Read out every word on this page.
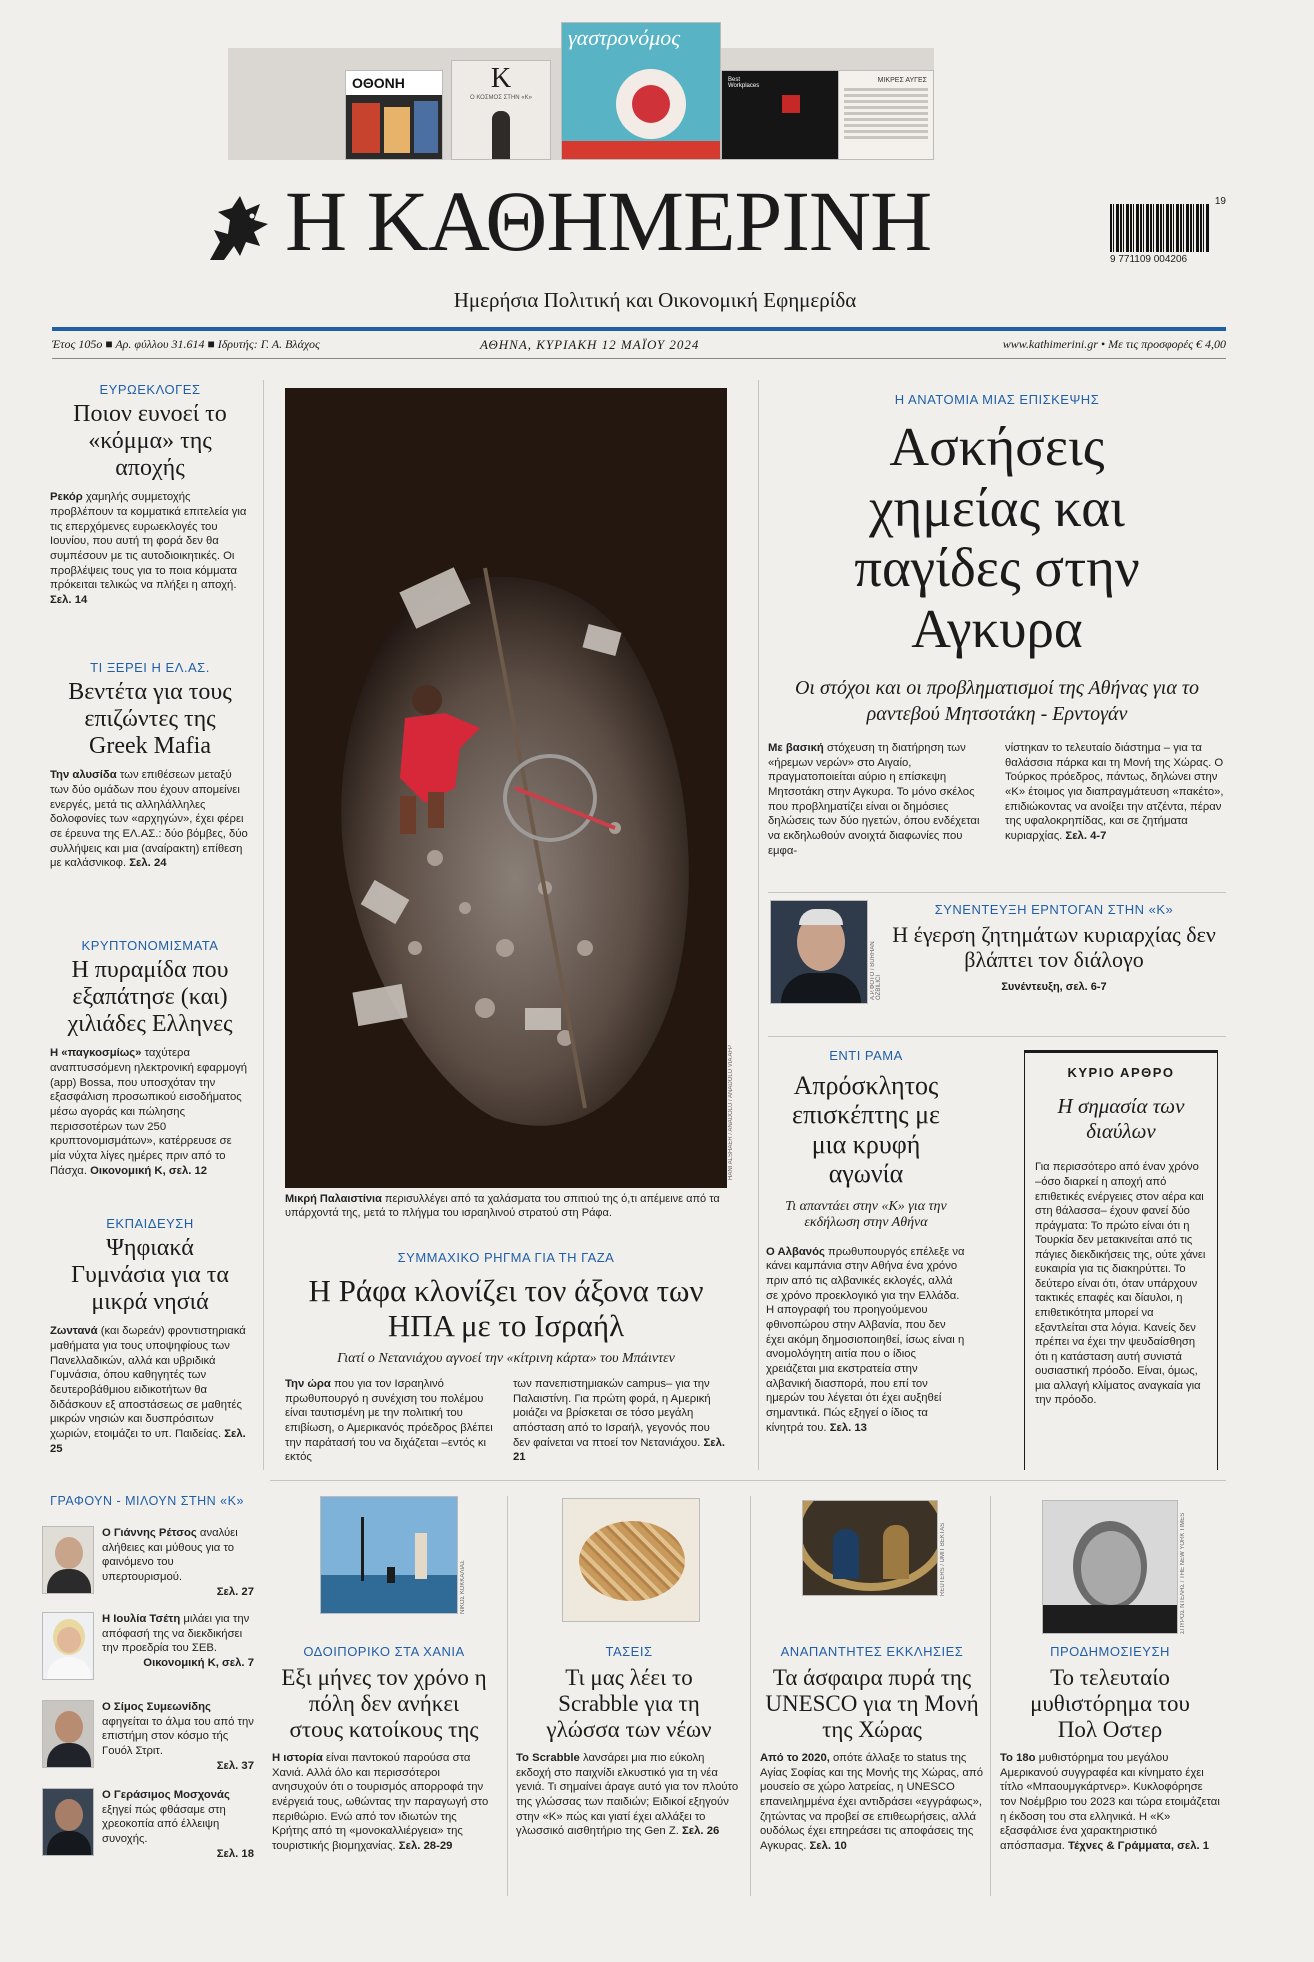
ΟΘΟΝΗ	K
Ο ΚΟΣΜΟΣ ΣΤΗΝ «Κ»
γαστρονόμος
Best Workplaces
ΜΙΚΡΕΣ ΑΥΓΕΣ
Η ΚΑΘΗΜΕΡΙΝΗ
Ημερήσια Πολιτική και Οικονομική Εφημερίδα
19
9 771109 004206
Έτος 105ο ■ Αρ. φύλλου 31.614 ■ Ιδρυτής: Γ. Α. Βλάχος	ΑΘΗΝΑ, ΚΥΡΙΑΚΗ 12 ΜΑΪΟΥ 2024	www.kathimerini.gr • Με τις προσφορές € 4,00
ΕΥΡΩΕΚΛΟΓΕΣ
Ποιον ευνοεί το «κόμμα» της αποχής
Ρεκόρ χαμηλής συμμετοχής προβλέπουν τα κομματικά επιτελεία για τις επερχόμενες ευρωεκλογές του Ιουνίου, που αυτή τη φορά δεν θα συμπέσουν με τις αυτοδιοικητικές. Οι προβλέψεις τους για το ποια κόμματα πρόκειται τελικώς να πλήξει η αποχή. Σελ. 14
ΤΙ ΞΕΡΕΙ Η ΕΛ.ΑΣ.
Βεντέτα για τους επιζώντες της Greek Mafia
Την αλυσίδα των επιθέσεων μεταξύ των δύο ομάδων που έχουν απομείνει ενεργές, μετά τις αλληλάλληλες δολοφονίες των «αρχηγών», έχει φέρει σε έρευνα της ΕΛ.ΑΣ.: δύο βόμβες, δύο συλλήψεις και μια (αναίρακτη) επίθεση με καλάσνικοφ. Σελ. 24
ΚΡΥΠΤΟΝΟΜΙΣΜΑΤΑ
Η πυραμίδα που εξαπάτησε (και) χιλιάδες Ελληνες
Η «παγκοσμίως» ταχύτερα αναπτυσσόμενη ηλεκτρονική εφαρμογή (app) Bossa, που υποσχόταν την εξασφάλιση προσωπικού εισοδήματος μέσω αγοράς και πώλησης περισσοτέρων των 250 κρυπτονομισμάτων», κατέρρευσε σε μία νύχτα λίγες ημέρες πριν από το Πάσχα. Οικονομική Κ, σελ. 12
ΕΚΠΑΙΔΕΥΣΗ
Ψηφιακά Γυμνάσια για τα μικρά νησιά
Ζωντανά (και δωρεάν) φροντιστηριακά μαθήματα για τους υποψηφίους των Πανελλαδικών, αλλά και υβριδικά Γυμνάσια, όπου καθηγητές των δευτεροβάθμιου ειδικοτήτων θα διδάσκουν εξ αποστάσεως σε μαθητές μικρών νησιών και δυσπρόσιτων χωριών, ετοιμάζει το υπ. Παιδείας. Σελ. 25
ΓΡΑΦΟΥΝ - ΜΙΛΟΥΝ ΣΤΗΝ «Κ»
Ο Γιάννης Ρέτσος αναλύει αλήθειες και μύθους για το φαινόμενο του υπερτουρισμού.
Σελ. 27
Η Ιουλία Τσέτη μιλάει για την απόφασή της να διεκδικήσει την προεδρία του ΣΕΒ.
Οικονομική Κ, σελ. 7
Ο Σίμος Συμεωνίδης αφηγείται το άλμα του από την επιστήμη στον κόσμο τής Γουόλ Στριτ.
Σελ. 37
Ο Γεράσιμος Μοσχονάς εξηγεί πώς φθάσαμε στη χρεοκοπία από έλλειψη συνοχής.
Σελ. 18
HANI ALSHAER / ANADOLU / ANADOLU VIA AFP
Μικρή Παλαιστίνια περισυλλέγει από τα χαλάσματα του σπιτιού της ό,τι απέμεινε από τα υπάρχοντά της, μετά το πλήγμα του ισραηλινού στρατού στη Ράφα.
ΣΥΜΜΑΧΙΚΟ ΡΗΓΜΑ ΓΙΑ ΤΗ ΓΑΖΑ
Η Ράφα κλονίζει τον άξονα των ΗΠΑ με το Ισραήλ
Γιατί ο Νετανιάχου αγνοεί την «κίτρινη κάρτα» του Μπάιντεν
Την ώρα που για τον Ισραηλινό πρωθυπουργό η συνέχιση του πολέμου είναι ταυτισμένη με την πολιτική του επιβίωση, ο Αμερικανός πρόεδρος βλέπει την παράτασή του να διχάζεται –εντός κι εκτός
των πανεπιστημιακών campus– για την Παλαιστίνη. Για πρώτη φορά, η Αμερική μοιάζει να βρίσκεται σε τόσο μεγάλη απόσταση από το Ισραήλ, γεγονός που δεν φαίνεται να πτοεί τον Νετανιάχου. Σελ. 21
Η ΑΝΑΤΟΜΙΑ ΜΙΑΣ ΕΠΙΣΚΕΨΗΣ
Ασκήσεις χημείας και παγίδες στην Αγκυρα
Οι στόχοι και οι προβληματισμοί της Αθήνας για το ραντεβού Μητσοτάκη - Ερντογάν
Με βασική στόχευση τη διατήρηση των «ήρεμων νερών» στο Αιγαίο, πραγματοποιείται αύριο η επίσκεψη Μητσοτάκη στην Αγκυρα. Το μόνο σκέλος που προβληματίζει είναι οι δημόσιες δηλώσεις των δύο ηγετών, όπου ενδέχεται να εκδηλωθούν ανοιχτά διαφωνίες που εμφα-
νίστηκαν το τελευταίο διάστημα – για τα θαλάσσια πάρκα και τη Μονή της Χώρας. Ο Τούρκος πρόεδρος, πάντως, δηλώνει στην «Κ» έτοιμος για διαπραγμάτευση «πακέτο», επιδιώκοντας να ανοίξει την ατζέντα, πέραν της υφαλοκρηπίδας, και σε ζητήματα κυριαρχίας. Σελ. 4-7
Α.Ρ.ΦΟΤΟ / BURHAN OZBILICI
ΣΥΝΕΝΤΕΥΞΗ ΕΡΝΤΟΓΑΝ ΣΤΗΝ «Κ»
Η έγερση ζητημάτων κυριαρχίας δεν βλάπτει τον διάλογο
Συνέντευξη, σελ. 6-7
ΕΝΤΙ ΡΑΜΑ
Απρόσκλητος επισκέπτης με μια κρυφή αγωνία
Τι απαντάει στην «Κ» για την εκδήλωση στην Αθήνα
Ο Αλβανός πρωθυπουργός επέλεξε να κάνει καμπάνια στην Αθήνα ένα χρόνο πριν από τις αλβανικές εκλογές, αλλά σε χρόνο προεκλογικό για την Ελλάδα. Η απογραφή του προηγούμενου φθινοπώρου στην Αλβανία, που δεν έχει ακόμη δημοσιοποιηθεί, ίσως είναι η ανομολόγητη αιτία που ο ίδιος χρειάζεται μια εκστρατεία στην αλβανική διασπορά, που επί τον ημερών του λέγεται ότι έχει αυξηθεί σημαντικά. Πώς εξηγεί ο ίδιος τα κίνητρά του. Σελ. 13
ΚΥΡΙΟ ΑΡΘΡΟ
Η σημασία των διαύλων
Για περισσότερο από έναν χρόνο –όσο διαρκεί η αποχή από επιθετικές ενέργειες στον αέρα και στη θάλασσα– έχουν φανεί δύο πράγματα: Το πρώτο είναι ότι η Τουρκία δεν μετακινείται από τις πάγιες διεκδικήσεις της, ούτε χάνει ευκαιρία για τις διακηρύττει. Το δεύτερο είναι ότι, όταν υπάρχουν τακτικές επαφές και δίαυλοι, η επιθετικότητα μπορεί να εξαντλείται στα λόγια. Κανείς δεν πρέπει να έχει την ψευδαίσθηση ότι η κατάσταση αυτή συνιστά ουσιαστική πρόοδο. Είναι, όμως, μια αλλαγή κλίματος αναγκαία για την πρόοδο.
ΝΙΚΟΣ ΚΟΚΚΑΛΙΑΣ
ΟΔΟΙΠΟΡΙΚΟ ΣΤΑ ΧΑΝΙΑ
Εξι μήνες τον χρόνο η πόλη δεν ανήκει στους κατοίκους της
Η ιστορία είναι παντοκού παρούσα στα Χανιά. Αλλά όλο και περισσότεροι ανησυχούν ότι ο τουρισμός απορροφά την ενέργειά τους, ωθώντας την παραγωγή στο περιθώριο. Ενώ από τον ιδιωτών της Κρήτης από τη «μονοκαλλιέργεια» της τουριστικής βιομηχανίας. Σελ. 28-29
ΤΑΣΕΙΣ
Τι μας λέει το Scrabble για τη γλώσσα των νέων
Το Scrabble λανσάρει μια πιο εύκολη εκδοχή στο παιχνίδι ελκυστικό για τη νέα γενιά. Τι σημαίνει άραγε αυτό για τον πλούτο της γλώσσας των παιδιών; Ειδικοί εξηγούν στην «Κ» πώς και γιατί έχει αλλάξει το γλωσσικό αισθητήριο της Gen Z. Σελ. 26
REUTERS / UMIT BEKTAS
ΑΝΑΠΑΝΤΗΤΕΣ ΕΚΚΛΗΣΙΕΣ
Τα άσφαιρα πυρά της UNESCO για τη Μονή της Χώρας
Από το 2020, οπότε άλλαξε το status της Αγίας Σοφίας και της Μονής της Χώρας, από μουσείο σε χώρο λατρείας, η UNESCO επανειλημμένα έχει αντιδράσει «εγγράφως», ζητώντας να προβεί σε επιθεωρήσεις, αλλά ουδόλως έχει επηρεάσει τις αποφάσεις της Αγκυρας. Σελ. 10
ΣΠΥΡΟΣ ΝΤΕΛΗΣ / THE NEW YORK TIMES
ΠΡΟΔΗΜΟΣΙΕΥΣΗ
Το τελευταίο μυθιστόρημα του Πολ Οστερ
Το 18ο μυθιστόρημα του μεγάλου Αμερικανού συγγραφέα και κίνηματο έχει τίτλο «Μπαουμγκάρτνερ». Κυκλοφόρησε τον Νοέμβριο του 2023 και τώρα ετοιμάζεται η έκδοση του στα ελληνικά. Η «Κ» εξασφάλισε ένα χαρακτηριστικό απόσπασμα. Τέχνες & Γράμματα, σελ. 1
